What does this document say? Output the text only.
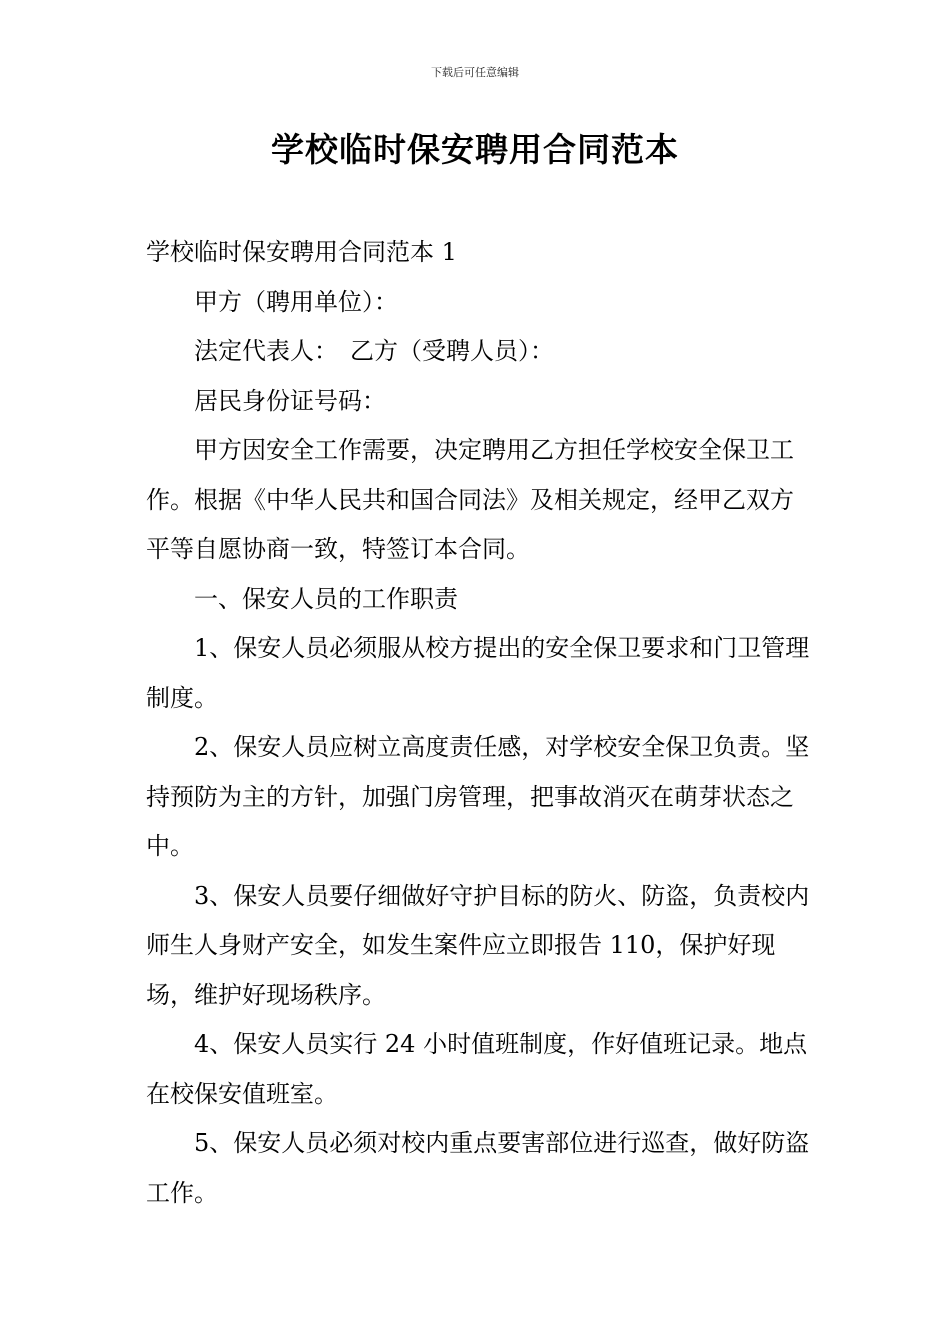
下载后可任意编辑
学校临时保安聘用合同范本

学校临时保安聘用合同范本 1

甲方（聘用单位）：

法定代表人：　乙方（受聘人员）：

居民身份证号码：

甲方因安全工作需要，决定聘用乙方担任学校安全保卫工作。根据《中华人民共和国合同法》及相关规定，经甲乙双方平等自愿协商一致，特签订本合同。

一、保安人员的工作职责

1、保安人员必须服从校方提出的安全保卫要求和门卫管理制度。

2、保安人员应树立高度责任感，对学校安全保卫负责。坚持预防为主的方针，加强门房管理，把事故消灭在萌芽状态之中。

3、保安人员要仔细做好守护目标的防火、防盗，负责校内师生人身财产安全，如发生案件应立即报告 110，保护好现场，维护好现场秩序。

4、保安人员实行 24 小时值班制度，作好值班记录。地点在校保安值班室。

5、保安人员必须对校内重点要害部位进行巡查，做好防盗工作。
